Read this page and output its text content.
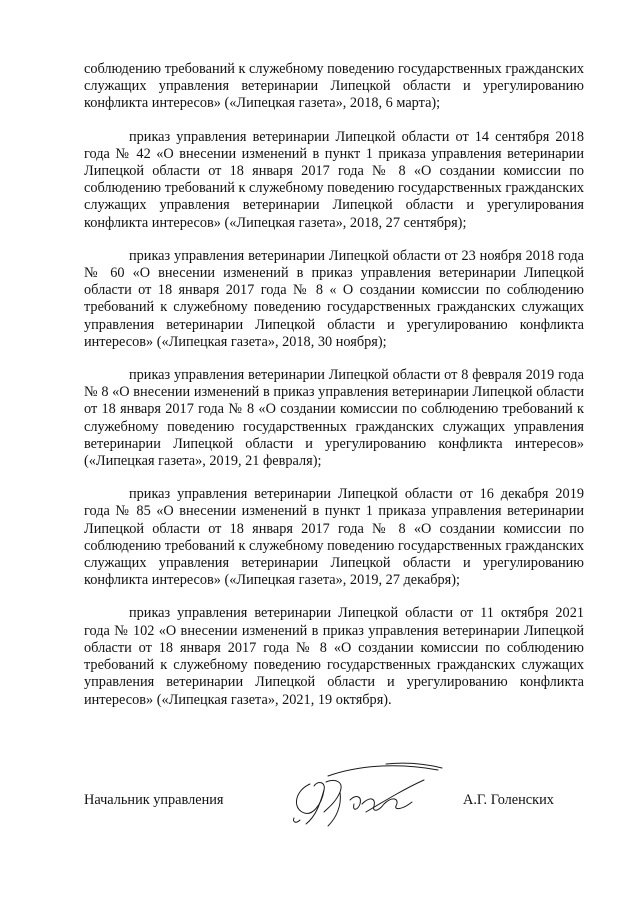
соблюдению требований к служебному поведению государственных гражданских служащих управления ветеринарии Липецкой области и урегулированию конфликта интересов» («Липецкая газета», 2018, 6 марта);

приказ управления ветеринарии Липецкой области от 14 сентября 2018 года № 42 «О внесении изменений в пункт 1 приказа управления ветеринарии Липецкой области от 18 января 2017 года № 8 «О создании комиссии по соблюдению требований к служебному поведению государственных гражданских служащих управления ветеринарии Липецкой области и урегулирования конфликта интересов» («Липецкая газета», 2018, 27 сентября);

приказ управления ветеринарии Липецкой области от 23 ноября 2018 года № 60 «О внесении изменений в приказ управления ветеринарии Липецкой области от 18 января 2017 года № 8 « О создании комиссии по соблюдению требований к служебному поведению государственных гражданских служащих управления ветеринарии Липецкой области и урегулированию конфликта интересов» («Липецкая газета», 2018, 30 ноября);

приказ управления ветеринарии Липецкой области от 8 февраля 2019 года № 8 «О внесении изменений в приказ управления ветеринарии Липецкой области от 18 января 2017 года № 8 «О создании комиссии по соблюдению требований к служебному поведению государственных гражданских служащих управления ветеринарии Липецкой области и урегулированию конфликта интересов» («Липецкая газета», 2019, 21 февраля);

приказ управления ветеринарии Липецкой области от 16 декабря 2019 года № 85 «О внесении изменений в пункт 1 приказа управления ветеринарии Липецкой области от 18 января 2017 года № 8 «О создании комиссии по соблюдению требований к служебному поведению государственных гражданских служащих управления ветеринарии Липецкой области и урегулированию конфликта интересов» («Липецкая газета», 2019, 27 декабря);

приказ управления ветеринарии Липецкой области от 11 октября 2021 года № 102 «О внесении изменений в приказ управления ветеринарии Липецкой области от 18 января 2017 года № 8 «О создании комиссии по соблюдению требований к служебному поведению государственных гражданских служащих управления ветеринарии Липецкой области и урегулированию конфликта интересов» («Липецкая газета», 2021, 19 октября).

Начальник управления	А.Г. Голенских
